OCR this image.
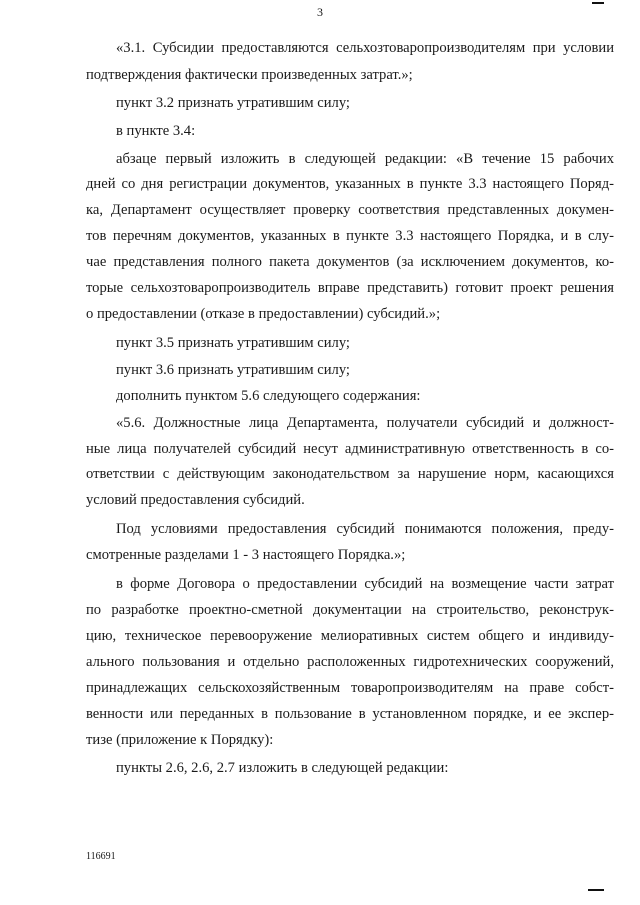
3
«3.1. Субсидии предоставляются сельхозтоваропроизводителям при условии
подтверждения фактически произведенных затрат.»;
пункт 3.2 признать утратившим силу;
в пункте 3.4:
абзаце первый изложить в следующей редакции: «В течение 15 рабочих
дней со дня регистрации документов, указанных в пункте 3.3 настоящего Поряд-
ка, Департамент осуществляет проверку соответствия представленных докумен-
тов перечням документов, указанных в пункте 3.3 настоящего Порядка, и в слу-
чае представления полного пакета документов (за исключением документов, ко-
торые сельхозтоваропроизводитель вправе представить) готовит проект решения
о предоставлении (отказе в предоставлении) субсидий.»;
пункт 3.5 признать утратившим силу;
пункт 3.6 признать утратившим силу;
дополнить пунктом 5.6 следующего содержания:
«5.6. Должностные лица Департамента, получатели субсидий и должност-
ные лица получателей субсидий несут административную ответственность в со-
ответствии с действующим законодательством за нарушение норм, касающихся
условий предоставления субсидий.
Под условиями предоставления субсидий понимаются положения, преду-
смотренные разделами 1 - 3 настоящего Порядка.»;
в форме Договора о предоставлении субсидий на возмещение части затрат
по разработке проектно-сметной документации на строительство, реконструк-
цию, техническое перевооружение мелиоративных систем общего и индивиду-
ального пользования и отдельно расположенных гидротехнических сооружений,
принадлежащих сельскохозяйственным товаропроизводителям на праве собст-
венности или переданных в пользование в установленном порядке, и ее экспер-
тизе (приложение к Порядку):
пункты 2.6, 2.6, 2.7 изложить в следующей редакции:
116691
